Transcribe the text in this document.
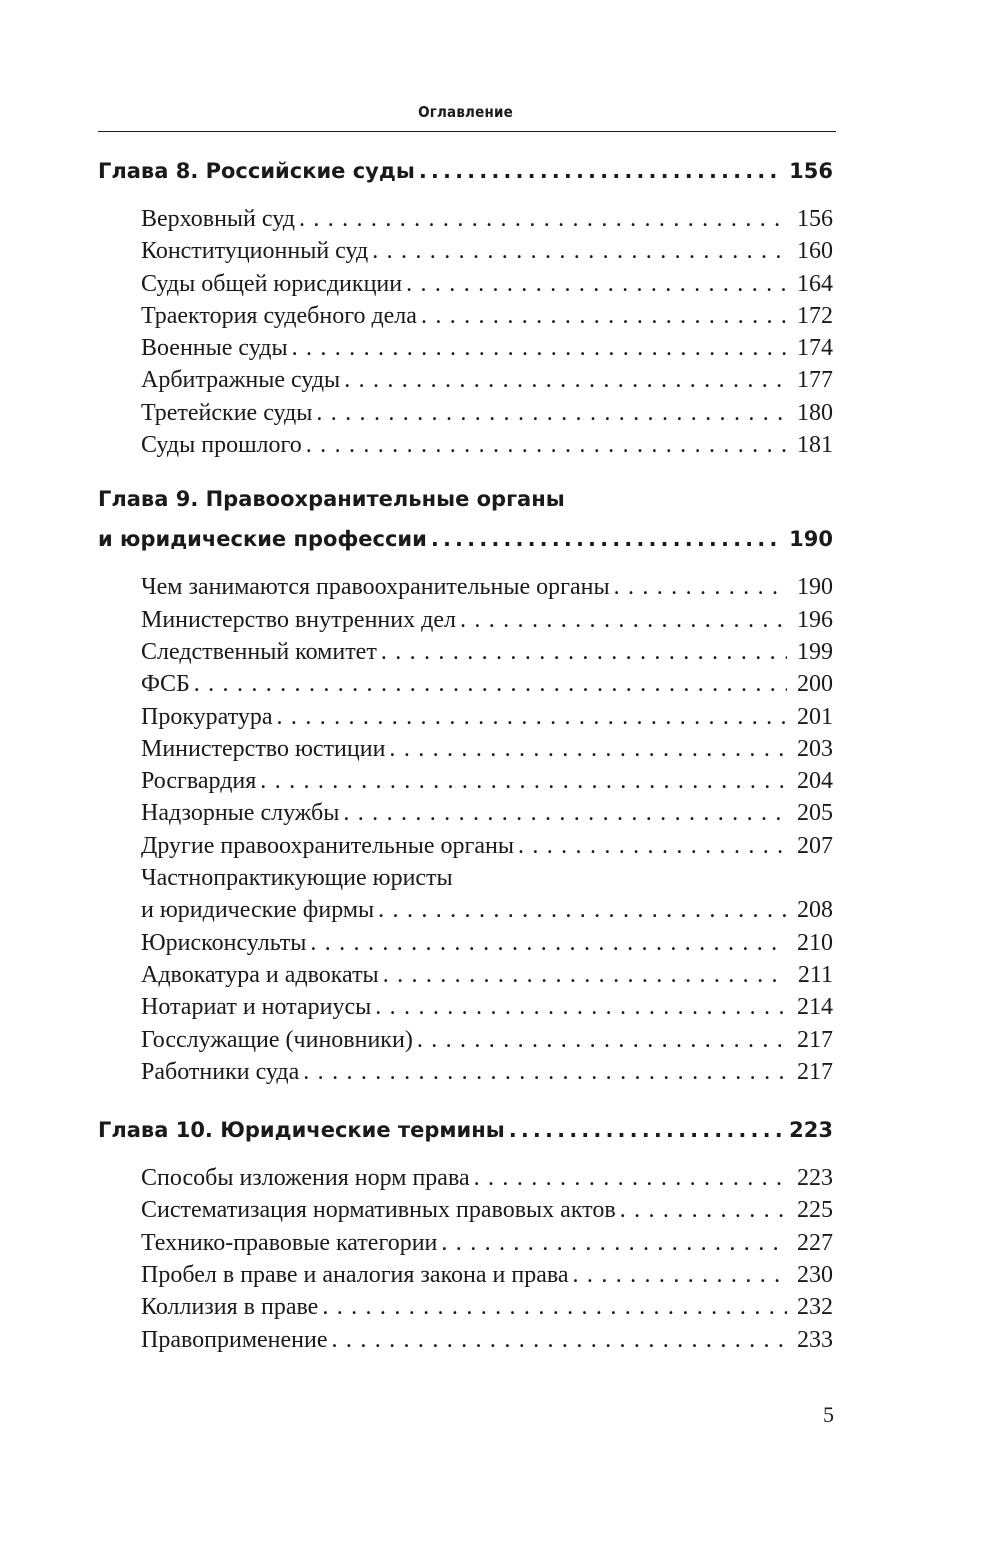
Оглавление
Глава 8. Российские суды . . .	156
Верховный суд . . .	156
Конституционный суд . . .	160
Суды общей юрисдикции . . .	164
Траектория судебного дела . . .	172
Военные суды . . .	174
Арбитражные суды . . .	177
Третейские суды . . .	180
Суды прошлого . . .	181
Глава 9. Правоохранительные органы
и юридические профессии . . .	190
Чем занимаются правоохранительные органы . . .	190
Министерство внутренних дел . . .	196
Следственный комитет . . .	199
ФСБ . . .	200
Прокуратура . . .	201
Министерство юстиции . . .	203
Росгвардия . . .	204
Надзорные службы . . .	205
Другие правоохранительные органы . . .	207
Частнопрактикующие юристы
и юридические фирмы . . .	208
Юрисконсульты . . .	210
Адвокатура и адвокаты . . .	211
Нотариат и нотариусы . . .	214
Госслужащие (чиновники) . . .	217
Работники суда . . .	217
Глава 10. Юридические термины . . .	223
Способы изложения норм права . . .	223
Систематизация нормативных правовых актов . . .	225
Технико-правовые категории . . .	227
Пробел в праве и аналогия закона и права . . .	230
Коллизия в праве . . .	232
Правоприменение . . .	233
5
